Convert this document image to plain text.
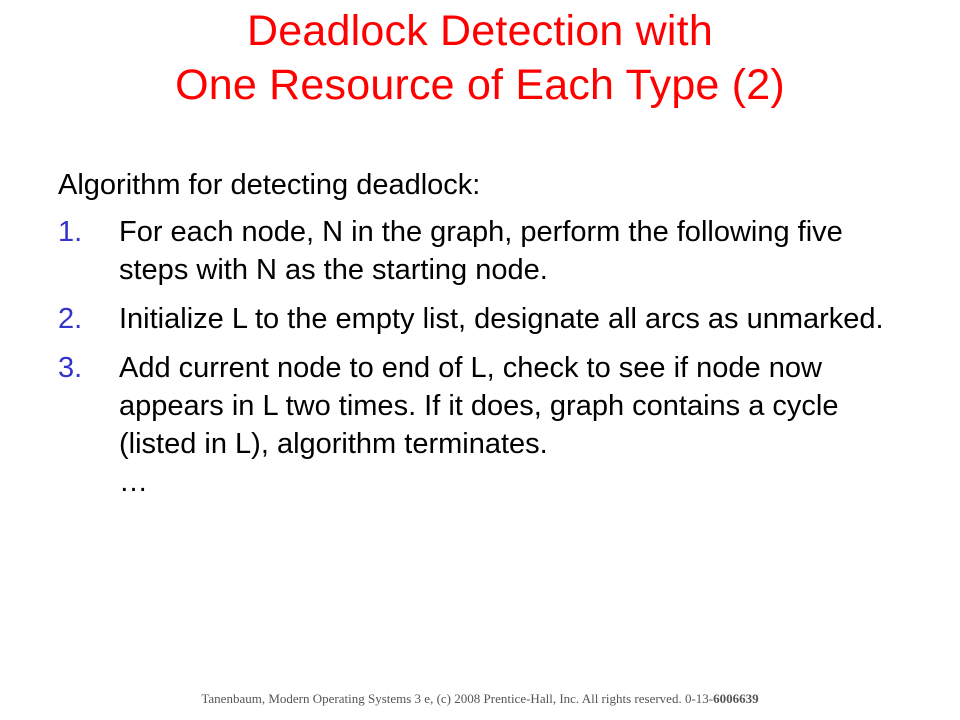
Deadlock Detection with
One Resource of Each Type (2)
Algorithm for detecting deadlock:
1. For each node, N in the graph, perform the following five steps with N as the starting node.
2. Initialize L to the empty list, designate all arcs as unmarked.
3. Add current node to end of L, check to see if node now appears in L two times. If it does, graph contains a cycle (listed in L), algorithm terminates.
…
Tanenbaum, Modern Operating Systems 3 e, (c) 2008 Prentice-Hall, Inc. All rights reserved. 0-13-6006639
